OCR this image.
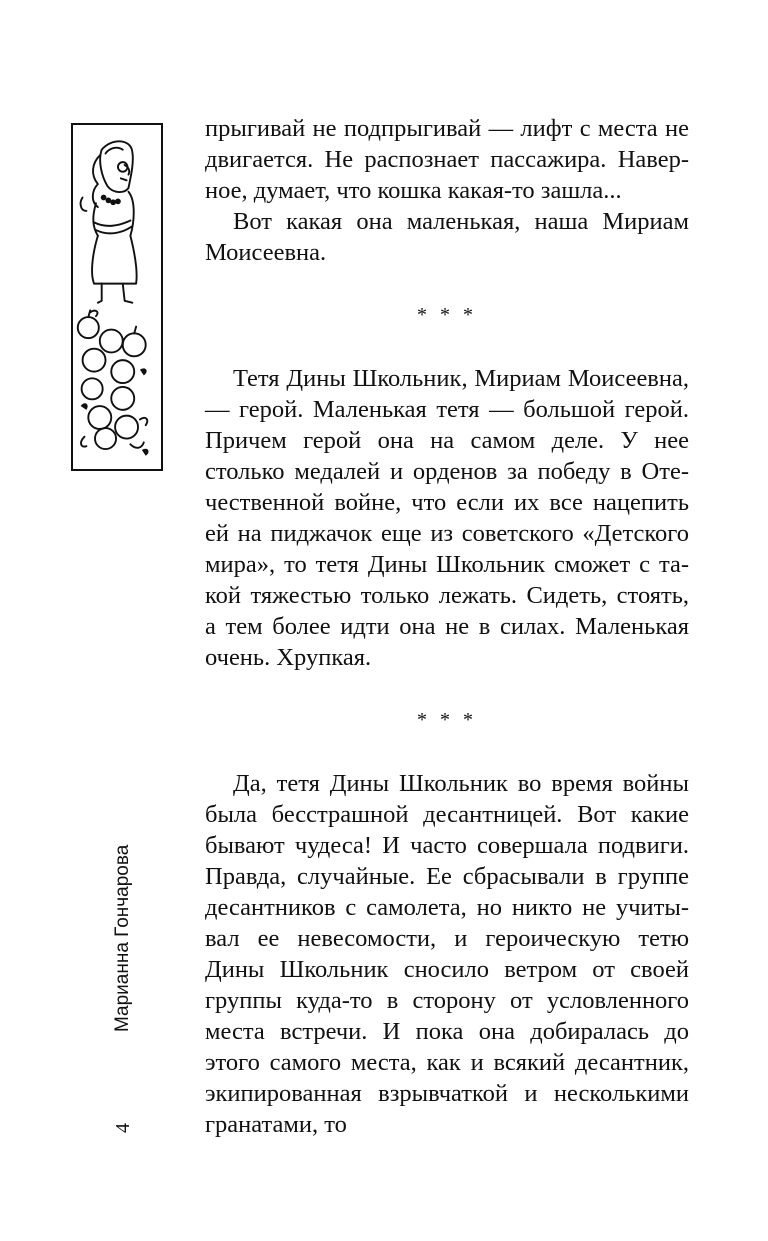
прыгивай не подпрыгивай — лифт с места не двигается. Не распознает пассажира. Наверное, думает, что кошка какая-то зашла...

Вот какая она маленькая, наша Мириам Моисеевна.

* * *

Тетя Дины Школьник, Мириам Моисеевна, — герой. Маленькая тетя — большой герой. Причем герой она на самом деле. У нее столько медалей и орденов за победу в Отечественной войне, что если их все нацепить ей на пиджачок еще из советского «Детского мира», то тетя Дины Школьник сможет с такой тяжестью только лежать. Сидеть, стоять, а тем более идти она не в силах. Маленькая очень. Хрупкая.

* * *

Да, тетя Дины Школьник во время войны была бесстрашной десантницей. Вот какие бывают чудеса! И часто совершала подвиги. Правда, случайные. Ее сбрасывали в группе десантников с самолета, но никто не учитывал ее невесомости, и героическую тетю Дины Школьник сносило ветром от своей группы куда-то в сторону от условленного места встречи. И пока она добиралась до этого самого места, как и всякий десантник, экипированная взрывчаткой и несколькими гранатами, то

Марианна Гончарова
4
